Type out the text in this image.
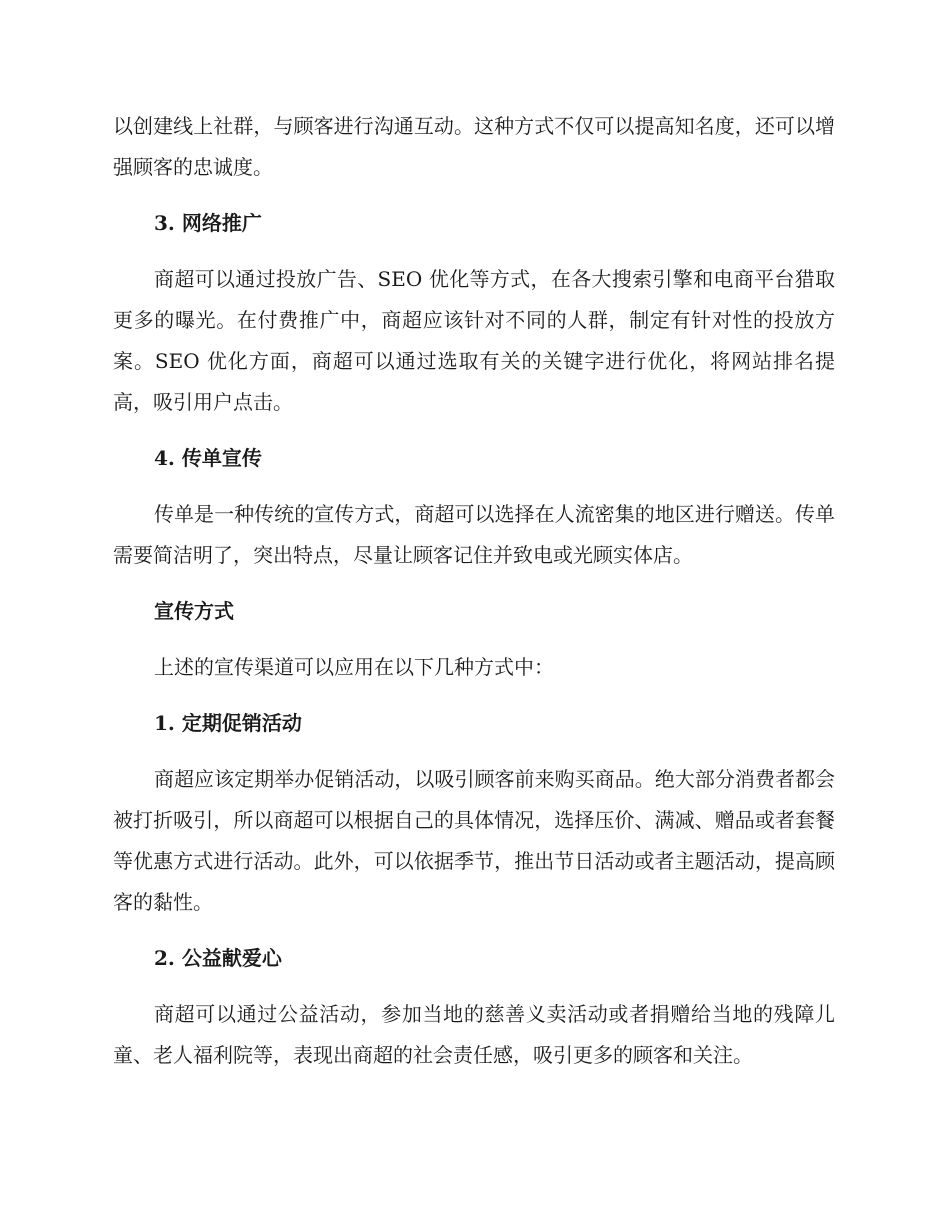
以创建线上社群，与顾客进行沟通互动。这种方式不仅可以提高知名度，还可以增强顾客的忠诚度。

3. 网络推广

商超可以通过投放广告、SEO 优化等方式，在各大搜索引擎和电商平台猎取更多的曝光。在付费推广中，商超应该针对不同的人群，制定有针对性的投放方案。SEO 优化方面，商超可以通过选取有关的关键字进行优化，将网站排名提高，吸引用户点击。

4. 传单宣传

传单是一种传统的宣传方式，商超可以选择在人流密集的地区进行赠送。传单需要简洁明了，突出特点，尽量让顾客记住并致电或光顾实体店。

宣传方式

上述的宣传渠道可以应用在以下几种方式中：

1. 定期促销活动

商超应该定期举办促销活动，以吸引顾客前来购买商品。绝大部分消费者都会被打折吸引，所以商超可以根据自己的具体情况，选择压价、满减、赠品或者套餐等优惠方式进行活动。此外，可以依据季节，推出节日活动或者主题活动，提高顾客的黏性。

2. 公益献爱心

商超可以通过公益活动，参加当地的慈善义卖活动或者捐赠给当地的残障儿童、老人福利院等，表现出商超的社会责任感，吸引更多的顾客和关注。
